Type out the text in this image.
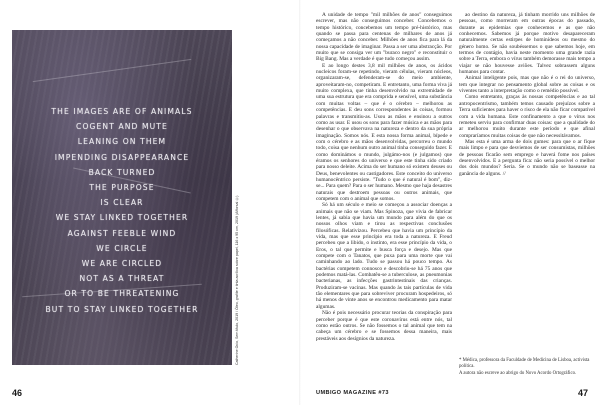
THE IMAGES ARE OF ANIMALS
COGENT AND MUTE
LEANING ON THEM
IMPENDING DISAPPEARANCE
BACK TURNED
THE PURPOSE
IS CLEAR
WE STAY LINKED TOGETHER
AGAINST FEEBLE WIND
WE CIRCLE
WE ARE CIRCLED
NOT AS A THREAT
OR TO BE THREATENING
BUT TO STAY LINKED TOGETHER	Catherine Ocio, Sem título, 2019 / Óleo, grafite e tinta acrílica sobre papel, 116 x 95 cm, 2019 (Afforsal ©)

A unidade de tempo "mil milhões de anos" conseguimos escrever, mas não conseguimos conceber. Concebemos o tempo histórico, concebemos um tempo pré-histórico, mas quando se passa para centenas de milhares de anos já começamos a não conceber. Milhões de anos fica para lá da nossa capacidade de imaginar. Passa a ser uma abstracção. Por muito que se consiga ver um "buraco negro" e reconstituir o Big Bang. Mas a verdade é que tudo começou assim.

E ao longo destes 3,8 mil milhões de anos, os ácidos nucleicos foram-se repetindo, vieram células, vieram núcleos, organizaram-se, defenderam-se do meio ambiente, aproveitaram-no, competiram. E entretanto, uma forma viva já muito complexa, que tinha desenvolvido na extremidade de uma sua estrutura que era comprida e sensível, uma substância com muitas voltas – que é o cérebro – melhorou as competências. E deu sons correspondentes às coisas, formou palavras e transmitiu-as. Usou as mãos e ensinou a outros como as usar. E usou os sons para fazer música e as mãos para desenhar o que observava na natureza e dentro da sua própria imaginação. Somos nós. E esta nossa forma animal, bípede e com o cérebro e as mãos desenvolvidas, percorreu o mundo todo, coisa que nenhum outro animal tinha conseguido fazer. E como dominámos o mundo, julgámo-nos (e julgamos) que éramos os senhores do universo e que este tinha sido criado para nosso deleite. Acima do ser humano só existem deuses ou Deus, benevolentes ou castigadores. Este conceito do universo humanocêntrico persiste. "Tudo o que é natural é bom", diz-se... Para quem? Para o ser humano. Mesmo que haja desastres naturais que destroem pessoas ou outros animais, que competem com o animal que somos.

Só há um século e meio se começou a associar doenças a animais que não se viam. Mas Spinoza, que vivia de fabricar lentes, já sabia que havia um mundo para além do que os nossos olhos viam e tirou as respectivas conclusões filosóficas. Relativizou. Percebeu que havia um princípio da vida, mas que esse princípio era toda a natureza. E Freud percebeu que a libido, o instinto, era esse princípio da vida, o Eros, o tal que permite e busca força e desejo. Mas que compete com o Tanatos, que puxa para uma morte que vai caminhando ao lado. Tudo se passou há pouco tempo. As bactérias competem connosco e descobriu-se há 75 anos que podemos matá-las. Combatêu-se a tuberculose, as pneumonias bacterianas, as infecções gastrintestinais das crianças. Produziram-se vacinas. Mas quando às tais partículas de vida tão elementares que para sobreviver procuram hospedeiros, só há menos de vinte anos se encontrou medicamento para matar algumas.

Não é pois necessário procurar teorias da conspiração para perceber porque é que este coronavírus está entre nós, tal como estão outros. Se não fossemos o tal animal que tem na cabeça um cérebro e se fossemos dessa maneira, mais prestáveis aos desígnios da natureza.

ao destino da natureza, já tinham morrido uns milhões de pessoas, como morreram em outras épocas do passado, durante as epidemias que conhecemos e as que não conhecemos. Sabemos já porque motivo desapareceram naturalmente certas estirpes de hominídeos ou mesmo do género homo. Se não soubéssemos o que sabemos hoje, em termos de contágio, havia neste momento uma grande razia sobre a Terra, embora o vírus também demorasse mais tempo a viajar se não houvesse aviões. Talvez sobrassem alguns humanos para contar.

Animal inteligente pois, mas que não é o rei do universo, tem que integrar no pensamento global sobre as coisas e os viventes tanto a interpretação como o remédio possível.

Como entretanto, graças às nossas competências e ao tal antropocentrismo, também temos causado prejuízos sobre a Terra suficientes para haver o risco de ela não ficar compatível com a vida humana. Este confinamento a que o vírus nos remeteu serviu para confirmar duas coisas: que a qualidade do ar melhorou muito durante este período e que afinal compraríamos muitas coisas de que não necessitávamos.

Mas esta é uma arma de dois gumes: para que o ar fique mais limpo e para que desviemos de ser consumistas, milhões de pessoas ficarão sem emprego e haverá fome nos países desenvolvidos. E a pergunta fica: não seria possível o melhor dos dois mundos? Seria. Se o mundo não se baseasse na ganância de alguns. //

* Médica, professora da Faculdade de Medicina de Lisboa, activista política.

A autora não escreve ao abrigo do Novo Acordo Ortográfico.

46	UMBIGO MAGAZINE #73	47
